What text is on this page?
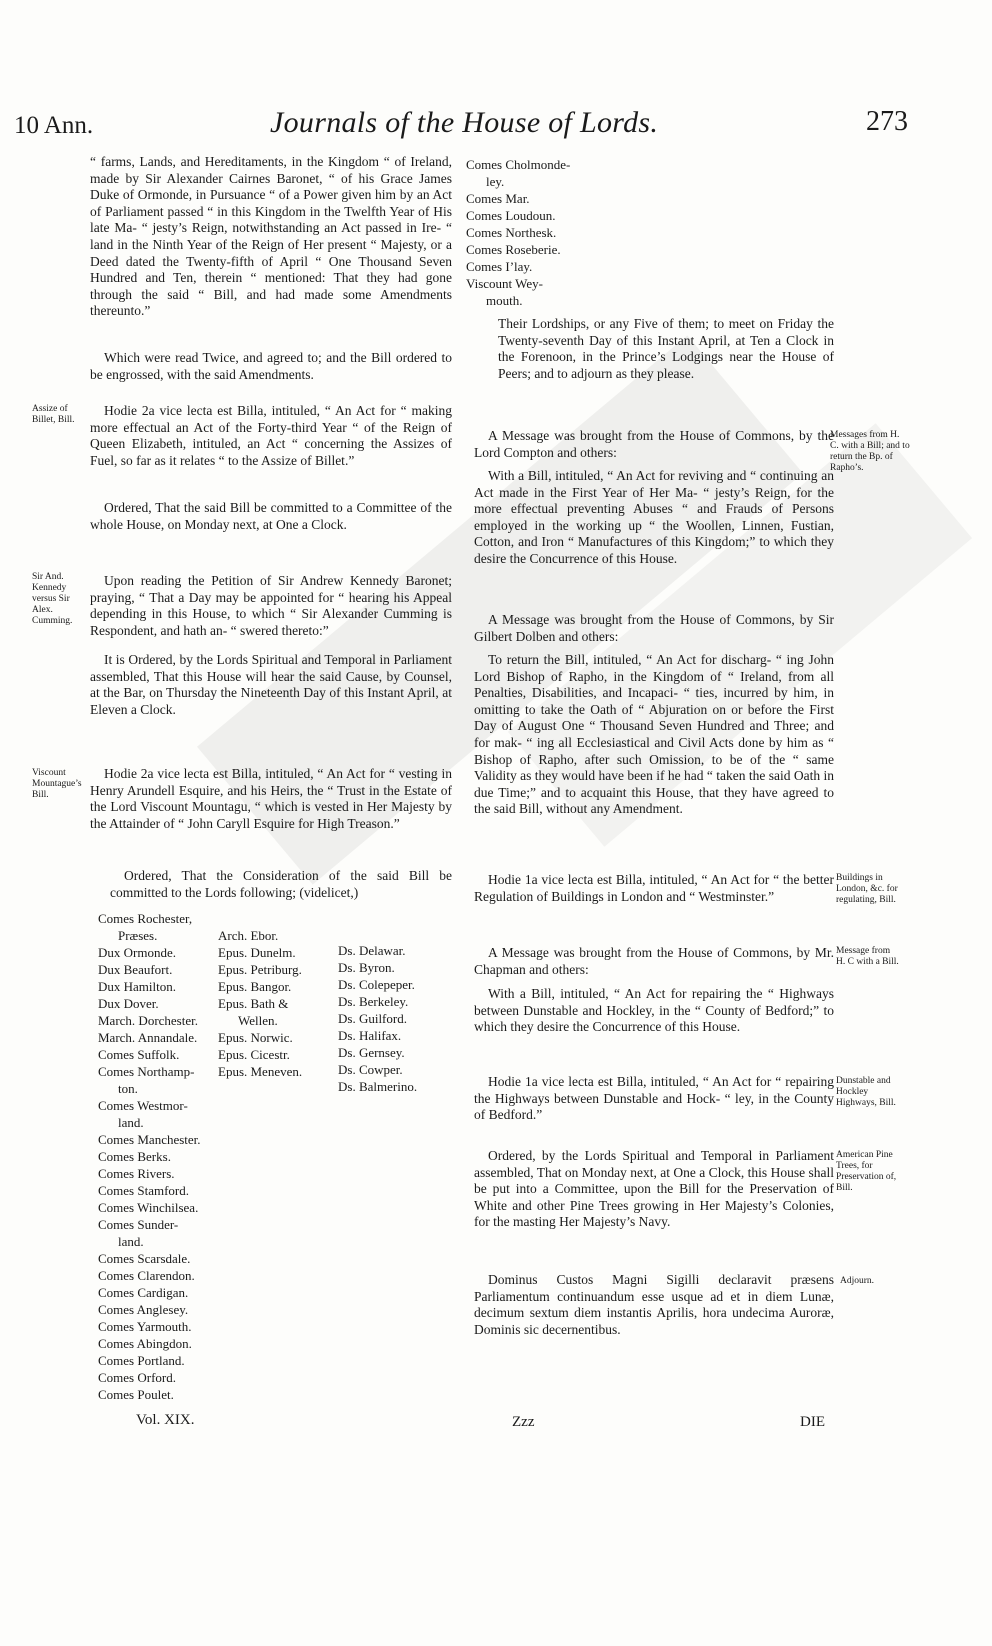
10 Ann.	Journals of the House of Lords.	273
Assize of Billet, Bill.
Sir And. Kennedy versus Sir Alex. Cumming.
Viscount Mountague’s Bill.
“ farms, Lands, and Hereditaments, in the Kingdom “ of Ireland, made by Sir Alexander Cairnes Baronet, “ of his Grace James Duke of Ormonde, in Pursuance “ of a Power given him by an Act of Parliament passed “ in this Kingdom in the Twelfth Year of His late Ma- “ jesty’s Reign, notwithstanding an Act passed in Ire- “ land in the Ninth Year of the Reign of Her present “ Majesty, or a Deed dated the Twenty-fifth of April “ One Thousand Seven Hundred and Ten, therein “ mentioned: That they had gone through the said “ Bill, and had made some Amendments thereunto.”
Which were read Twice, and agreed to; and the Bill ordered to be engrossed, with the said Amendments.
Hodie 2a vice lecta est Billa, intituled, “ An Act for “ making more effectual an Act of the Forty-third Year “ of the Reign of Queen Elizabeth, intituled, an Act “ concerning the Assizes of Fuel, so far as it relates “ to the Assize of Billet.”
Ordered, That the said Bill be committed to a Committee of the whole House, on Monday next, at One a Clock.
Upon reading the Petition of Sir Andrew Kennedy Baronet; praying, “ That a Day may be appointed for “ hearing his Appeal depending in this House, to which “ Sir Alexander Cumming is Respondent, and hath an- “ swered thereto:”
It is Ordered, by the Lords Spiritual and Temporal in Parliament assembled, That this House will hear the said Cause, by Counsel, at the Bar, on Thursday the Nineteenth Day of this Instant April, at Eleven a Clock.
Hodie 2a vice lecta est Billa, intituled, “ An Act for “ vesting in Henry Arundell Esquire, and his Heirs, the “ Trust in the Estate of the Lord Viscount Mountagu, “ which is vested in Her Majesty by the Attainder of “ John Caryll Esquire for High Treason.”
Ordered, That the Consideration of the said Bill be committed to the Lords following; (videlicet,)
Comes Rochester,
Præses.
Dux Ormonde.
Dux Beaufort.
Dux Hamilton.
Dux Dover.
March. Dorchester.
March. Annandale.
Comes Suffolk.
Comes Northamp-
ton.
Comes Westmor-
land.
Comes Manchester.
Comes Berks.
Comes Rivers.
Comes Stamford.
Comes Winchilsea.
Comes Sunder-
land.
Comes Scarsdale.
Comes Clarendon.
Comes Cardigan.
Comes Anglesey.
Comes Yarmouth.
Comes Abingdon.
Comes Portland.
Comes Orford.
Comes Poulet.
Arch. Ebor.
Epus. Dunelm.
Epus. Petriburg.
Epus. Bangor.
Epus. Bath &
Wellen.
Epus. Norwic.
Epus. Cicestr.
Epus. Meneven.
Ds. Delawar.
Ds. Byron.
Ds. Colepeper.
Ds. Berkeley.
Ds. Guilford.
Ds. Halifax.
Ds. Gernsey.
Ds. Cowper.
Ds. Balmerino.
Comes Cholmonde-
ley.
Comes Mar.
Comes Loudoun.
Comes Northesk.
Comes Roseberie.
Comes I’lay.
Viscount Wey-
mouth.
Their Lordships, or any Five of them; to meet on Friday the Twenty-seventh Day of this Instant April, at Ten a Clock in the Forenoon, in the Prince’s Lodgings near the House of Peers; and to adjourn as they please.
A Message was brought from the House of Commons, by the Lord Compton and others:
With a Bill, intituled, “ An Act for reviving and “ continuing an Act made in the First Year of Her Ma- “ jesty’s Reign, for the more effectual preventing Abuses “ and Frauds of Persons employed in the working up “ the Woollen, Linnen, Fustian, Cotton, and Iron “ Manufactures of this Kingdom;” to which they desire the Concurrence of this House.
A Message was brought from the House of Commons, by Sir Gilbert Dolben and others:
To return the Bill, intituled, “ An Act for discharg- “ ing John Lord Bishop of Rapho, in the Kingdom of “ Ireland, from all Penalties, Disabilities, and Incapaci- “ ties, incurred by him, in omitting to take the Oath of “ Abjuration on or before the First Day of August One “ Thousand Seven Hundred and Three; and for mak- “ ing all Ecclesiastical and Civil Acts done by him as “ Bishop of Rapho, after such Omission, to be of the “ same Validity as they would have been if he had “ taken the said Oath in due Time;” and to acquaint this House, that they have agreed to the said Bill, without any Amendment.
Hodie 1a vice lecta est Billa, intituled, “ An Act for “ the better Regulation of Buildings in London and “ Westminster.”
A Message was brought from the House of Commons, by Mr. Chapman and others:
With a Bill, intituled, “ An Act for repairing the “ Highways between Dunstable and Hockley, in the “ County of Bedford;” to which they desire the Concurrence of this House.
Hodie 1a vice lecta est Billa, intituled, “ An Act for “ repairing the Highways between Dunstable and Hock- “ ley, in the County of Bedford.”
Ordered, by the Lords Spiritual and Temporal in Parliament assembled, That on Monday next, at One a Clock, this House shall be put into a Committee, upon the Bill for the Preservation of White and other Pine Trees growing in Her Majesty’s Colonies, for the masting Her Majesty’s Navy.
Dominus Custos Magni Sigilli declaravit præsens Parliamentum continuandum esse usque ad et in diem Lunæ, decimum sextum diem instantis Aprilis, hora undecima Auroræ, Dominis sic decernentibus.
Messages from H. C. with a Bill; and to return the Bp. of Rapho’s.
Buildings in London, &c. for regulating, Bill.
Message from H. C with a Bill.
Dunstable and Hockley Highways, Bill.
American Pine Trees, for Preservation of, Bill.
Adjourn.
Vol. XIX.	Zzz	DIE
